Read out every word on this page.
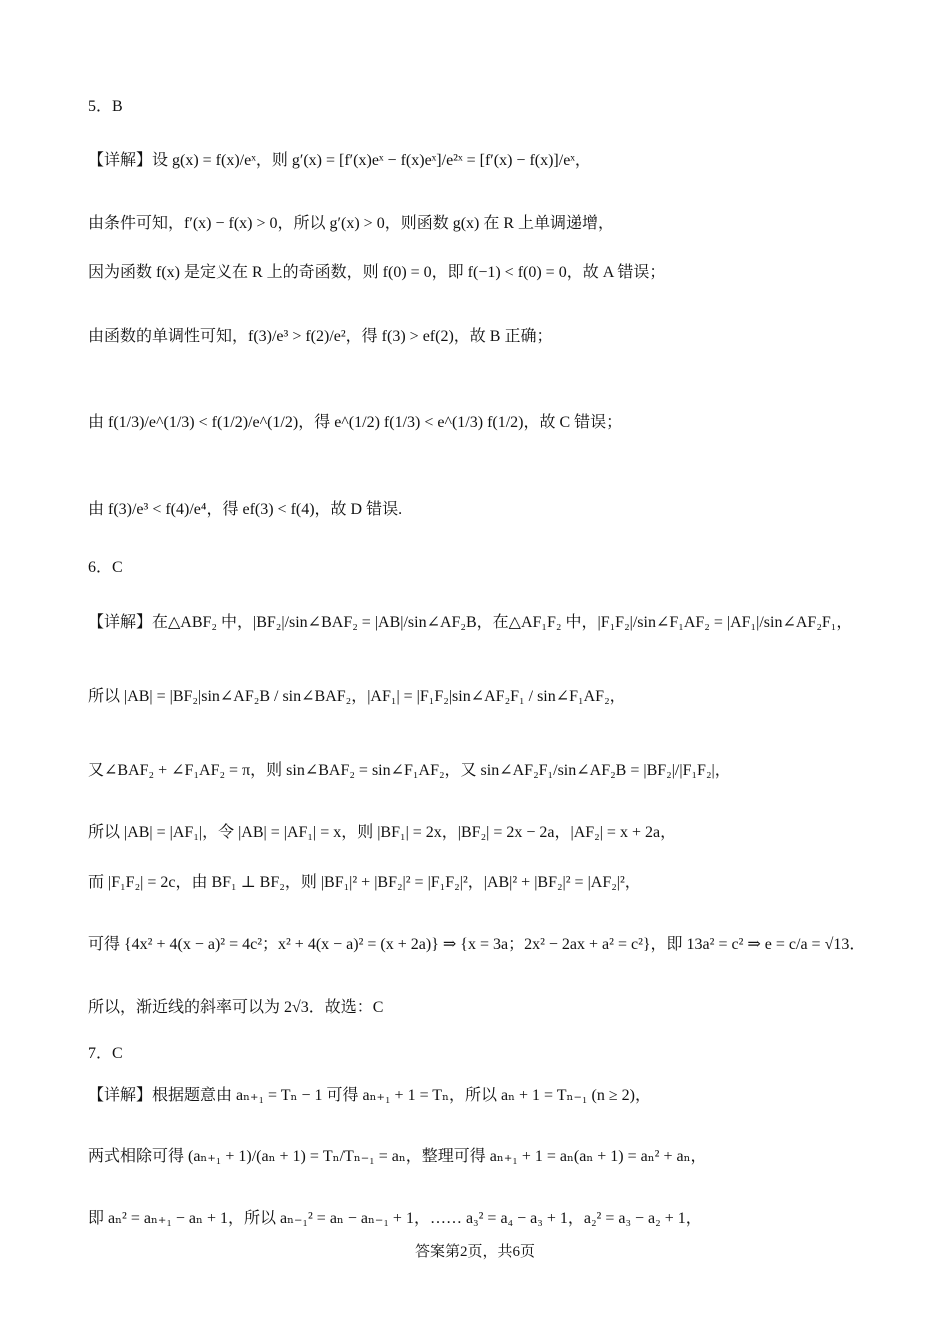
5．B
【详解】设 g(x) = f(x)/eˣ，则 g′(x) = [f′(x)eˣ − f(x)eˣ]/e²ˣ = [f′(x) − f(x)]/eˣ，
由条件可知，f′(x) − f(x) > 0，所以 g′(x) > 0，则函数 g(x) 在 R 上单调递增，
因为函数 f(x) 是定义在 R 上的奇函数，则 f(0) = 0，即 f(−1) < f(0) = 0，故 A 错误；
由函数的单调性可知，f(3)/e³ > f(2)/e²，得 f(3) > ef(2)，故 B 正确；
由 f(1/3)/e^(1/3) < f(1/2)/e^(1/2)，得 e^(1/2) f(1/3) < e^(1/3) f(1/2)，故 C 错误；
由 f(3)/e³ < f(4)/e⁴，得 ef(3) < f(4)，故 D 错误.
6．C
【详解】在△ABF₂ 中，|BF₂|/sin∠BAF₂ = |AB|/sin∠AF₂B，在△AF₁F₂ 中，|F₁F₂|/sin∠F₁AF₂ = |AF₁|/sin∠AF₂F₁，
所以 |AB| = |BF₂|sin∠AF₂B / sin∠BAF₂，|AF₁| = |F₁F₂|sin∠AF₂F₁ / sin∠F₁AF₂，
又∠BAF₂ + ∠F₁AF₂ = π，则 sin∠BAF₂ = sin∠F₁AF₂，又 sin∠AF₂F₁/sin∠AF₂B = |BF₂|/|F₁F₂|，
所以 |AB| = |AF₁|，令 |AB| = |AF₁| = x，则 |BF₁| = 2x，|BF₂| = 2x − 2a，|AF₂| = x + 2a，
而 |F₁F₂| = 2c，由 BF₁ ⊥ BF₂，则 |BF₁|² + |BF₂|² = |F₁F₂|²，|AB|² + |BF₂|² = |AF₂|²，
可得 {4x² + 4(x − a)² = 4c²；x² + 4(x − a)² = (x + 2a)} ⇒ {x = 3a；2x² − 2ax + a² = c²}，即 13a² = c² ⇒ e = c/a = √13．
所以，渐近线的斜率可以为 2√3．故选：C
7．C
【详解】根据题意由 aₙ₊₁ = Tₙ − 1 可得 aₙ₊₁ + 1 = Tₙ，所以 aₙ + 1 = Tₙ₋₁ (n ≥ 2)，
两式相除可得 (aₙ₊₁ + 1)/(aₙ + 1) = Tₙ/Tₙ₋₁ = aₙ，整理可得 aₙ₊₁ + 1 = aₙ(aₙ + 1) = aₙ² + aₙ，
即 aₙ² = aₙ₊₁ − aₙ + 1，所以 aₙ₋₁² = aₙ − aₙ₋₁ + 1，…… a₃² = a₄ − a₃ + 1，a₂² = a₃ − a₂ + 1，
答案第2页，共6页
